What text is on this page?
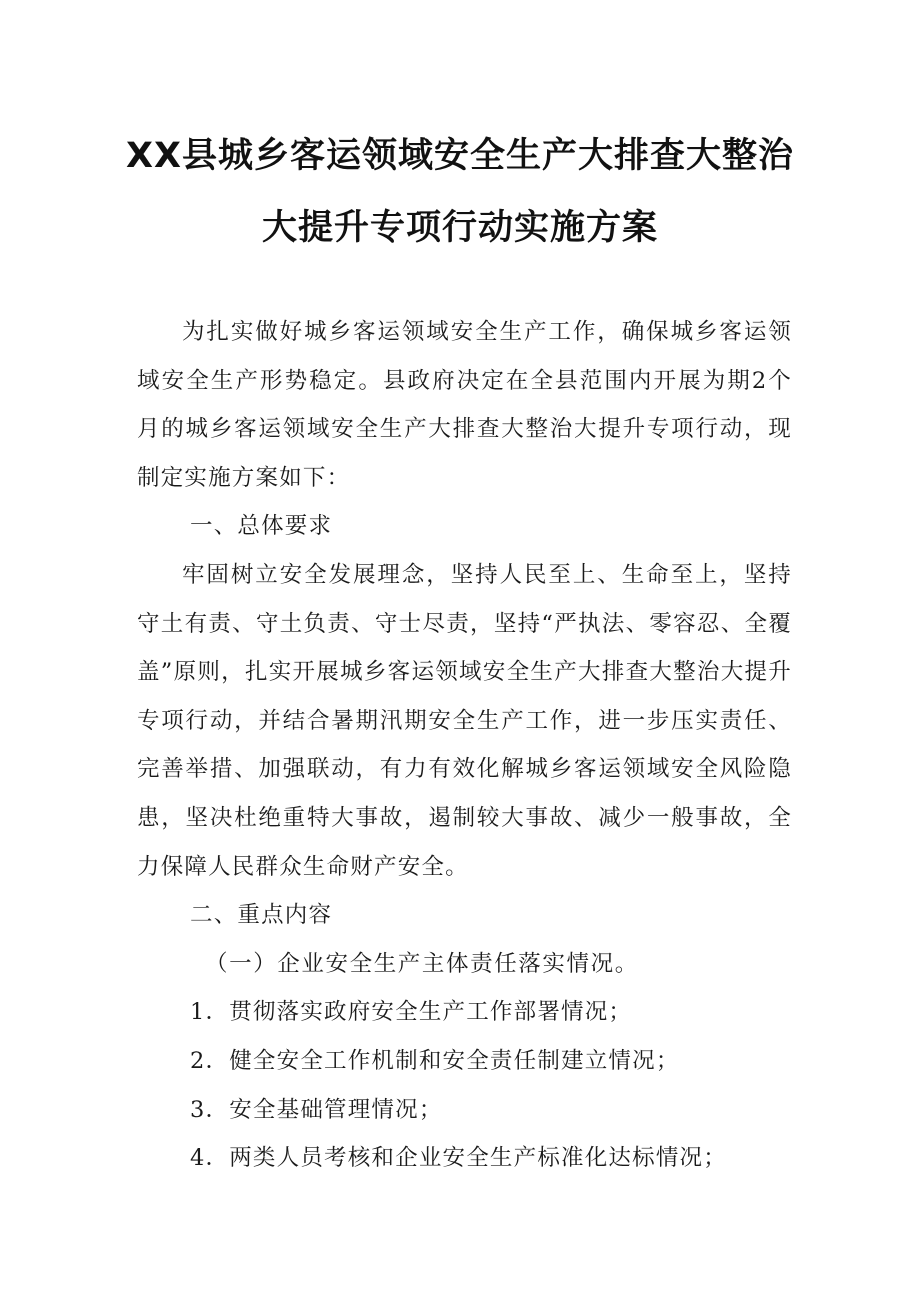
XX县城乡客运领域安全生产大排查大整治
大提升专项行动实施方案

为扎实做好城乡客运领域安全生产工作，确保城乡客运领域安全生产形势稳定。县政府决定在全县范围内开展为期2个月的城乡客运领域安全生产大排查大整治大提升专项行动，现制定实施方案如下：

一、总体要求

牢固树立安全发展理念，坚持人民至上、生命至上，坚持守土有责、守土负责、守士尽责，坚持“严执法、零容忍、全覆盖”原则，扎实开展城乡客运领域安全生产大排查大整治大提升专项行动，并结合暑期汛期安全生产工作，进一步压实责任、完善举措、加强联动，有力有效化解城乡客运领域安全风险隐患，坚决杜绝重特大事故，遏制较大事故、减少一般事故，全力保障人民群众生命财产安全。

二、重点内容

（一）企业安全生产主体责任落实情况。

1．贯彻落实政府安全生产工作部署情况；

2．健全安全工作机制和安全责任制建立情况；

3．安全基础管理情况；

4．两类人员考核和企业安全生产标准化达标情况；
